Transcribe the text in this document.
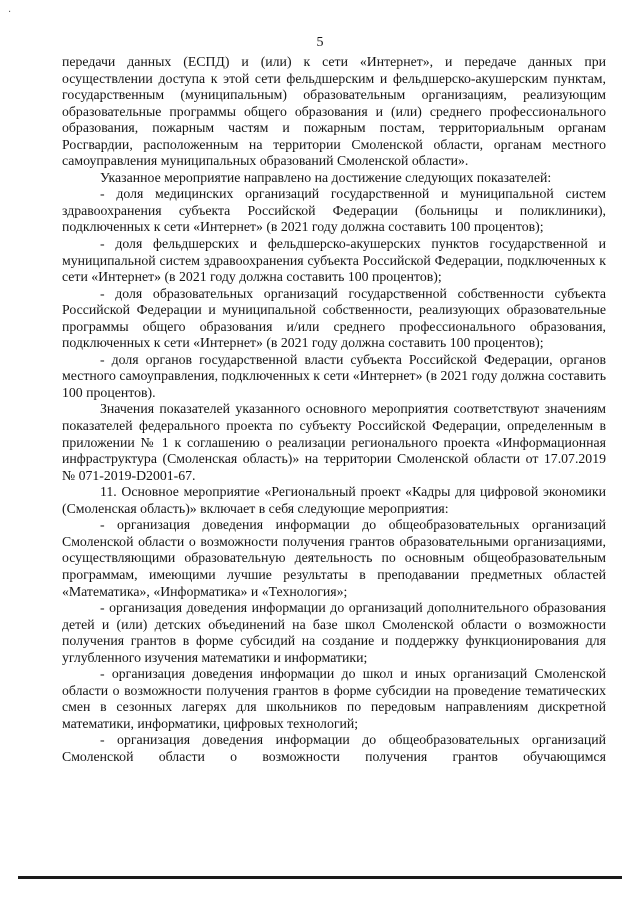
·
5

передачи данных (ЕСПД) и (или) к сети «Интернет», и передаче данных при осуществлении доступа к этой сети фельдшерским и фельдшерско-акушерским пунктам, государственным (муниципальным) образовательным организациям, реализующим образовательные программы общего образования и (или) среднего профессионального образования, пожарным частям и пожарным постам, территориальным органам Росгвардии, расположенным на территории Смоленской области, органам местного самоуправления муниципальных образований Смоленской области».

Указанное мероприятие направлено на достижение следующих показателей:

- доля медицинских организаций государственной и муниципальной систем здравоохранения субъекта Российской Федерации (больницы и поликлиники), подключенных к сети «Интернет» (в 2021 году должна составить 100 процентов);

- доля фельдшерских и фельдшерско-акушерских пунктов государственной и муниципальной систем здравоохранения субъекта Российской Федерации, подключенных к сети «Интернет» (в 2021 году должна составить 100 процентов);

- доля образовательных организаций государственной собственности субъекта Российской Федерации и муниципальной собственности, реализующих образовательные программы общего образования и/или среднего профессионального образования, подключенных к сети «Интернет» (в 2021 году должна составить 100 процентов);

- доля органов государственной власти субъекта Российской Федерации, органов местного самоуправления, подключенных к сети «Интернет» (в 2021 году должна составить 100 процентов).

Значения показателей указанного основного мероприятия соответствуют значениям показателей федерального проекта по субъекту Российской Федерации, определенным в приложении № 1 к соглашению о реализации регионального проекта «Информационная инфраструктура (Смоленская область)» на территории Смоленской области от 17.07.2019 № 071-2019-D2001-67.

11. Основное мероприятие «Региональный проект «Кадры для цифровой экономики (Смоленская область)» включает в себя следующие мероприятия:

- организация доведения информации до общеобразовательных организаций Смоленской области о возможности получения грантов образовательными организациями, осуществляющими образовательную деятельность по основным общеобразовательным программам, имеющими лучшие результаты в преподавании предметных областей «Математика», «Информатика» и «Технология»;

- организация доведения информации до организаций дополнительного образования детей и (или) детских объединений на базе школ Смоленской области о возможности получения грантов в форме субсидий на создание и поддержку функционирования для углубленного изучения математики и информатики;

- организация доведения информации до школ и иных организаций Смоленской области о возможности получения грантов в форме субсидии на проведение тематических смен в сезонных лагерях для школьников по передовым направлениям дискретной математики, информатики, цифровых технологий;

- организация доведения информации до общеобразовательных организаций Смоленской области о возможности получения грантов обучающимся
